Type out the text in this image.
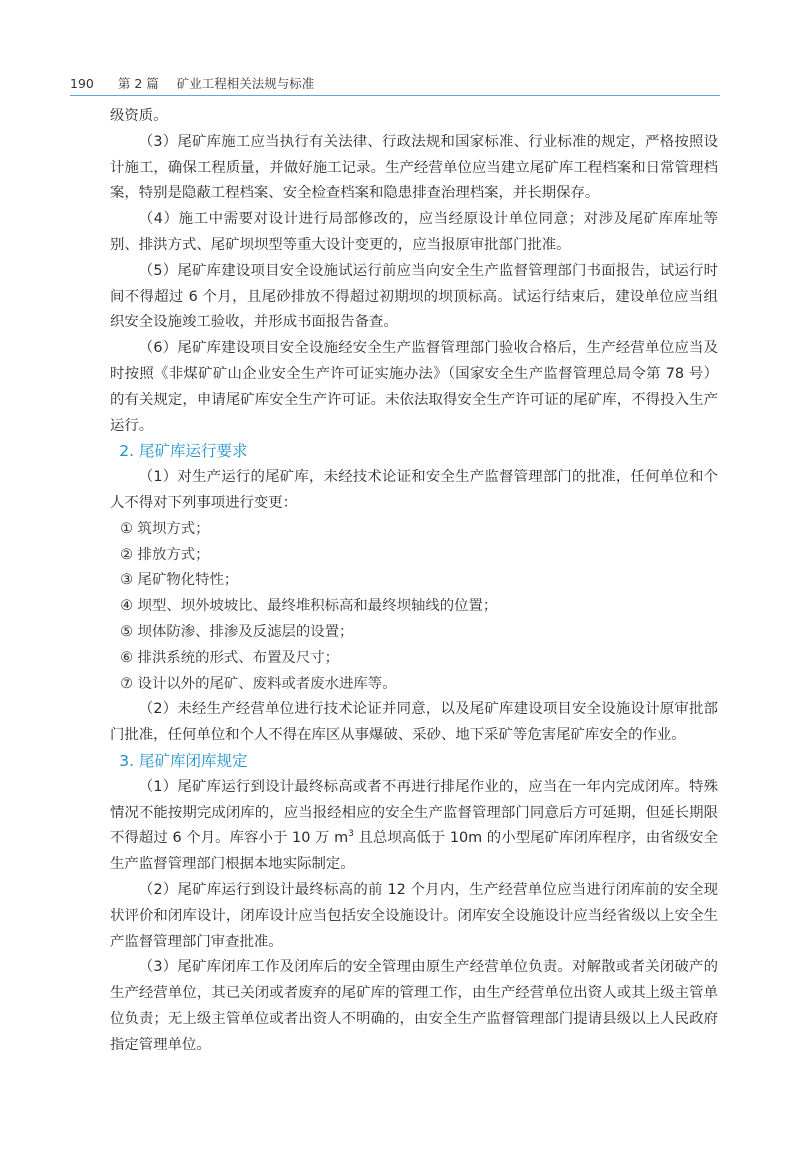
190 第 2 篇 矿业工程相关法规与标准

级资质。

（3）尾矿库施工应当执行有关法律、行政法规和国家标准、行业标准的规定，严格按照设计施工，确保工程质量，并做好施工记录。生产经营单位应当建立尾矿库工程档案和日常管理档案，特别是隐蔽工程档案、安全检查档案和隐患排查治理档案，并长期保存。

（4）施工中需要对设计进行局部修改的，应当经原设计单位同意；对涉及尾矿库库址等别、排洪方式、尾矿坝坝型等重大设计变更的，应当报原审批部门批准。

（5）尾矿库建设项目安全设施试运行前应当向安全生产监督管理部门书面报告，试运行时间不得超过 6 个月，且尾砂排放不得超过初期坝的坝顶标高。试运行结束后，建设单位应当组织安全设施竣工验收，并形成书面报告备查。

（6）尾矿库建设项目安全设施经安全生产监督管理部门验收合格后，生产经营单位应当及时按照《非煤矿矿山企业安全生产许可证实施办法》（国家安全生产监督管理总局令第 78 号）的有关规定，申请尾矿库安全生产许可证。未依法取得安全生产许可证的尾矿库，不得投入生产运行。

2. 尾矿库运行要求

（1）对生产运行的尾矿库，未经技术论证和安全生产监督管理部门的批准，任何单位和个人不得对下列事项进行变更：

① 筑坝方式；

② 排放方式；

③ 尾矿物化特性；

④ 坝型、坝外坡坡比、最终堆积标高和最终坝轴线的位置；

⑤ 坝体防渗、排渗及反滤层的设置；

⑥ 排洪系统的形式、布置及尺寸；

⑦ 设计以外的尾矿、废料或者废水进库等。

（2）未经生产经营单位进行技术论证并同意，以及尾矿库建设项目安全设施设计原审批部门批准，任何单位和个人不得在库区从事爆破、采砂、地下采矿等危害尾矿库安全的作业。

3. 尾矿库闭库规定

（1）尾矿库运行到设计最终标高或者不再进行排尾作业的，应当在一年内完成闭库。特殊情况不能按期完成闭库的，应当报经相应的安全生产监督管理部门同意后方可延期，但延长期限不得超过 6 个月。库容小于 10 万 $m^3$ 且总坝高低于 10m 的小型尾矿库闭库程序，由省级安全生产监督管理部门根据本地实际制定。

（2）尾矿库运行到设计最终标高的前 12 个月内，生产经营单位应当进行闭库前的安全现状评价和闭库设计，闭库设计应当包括安全设施设计。闭库安全设施设计应当经省级以上安全生产监督管理部门审查批准。

（3）尾矿库闭库工作及闭库后的安全管理由原生产经营单位负责。对解散或者关闭破产的生产经营单位，其已关闭或者废弃的尾矿库的管理工作，由生产经营单位出资人或其上级主管单位负责；无上级主管单位或者出资人不明确的，由安全生产监督管理部门提请县级以上人民政府指定管理单位。
